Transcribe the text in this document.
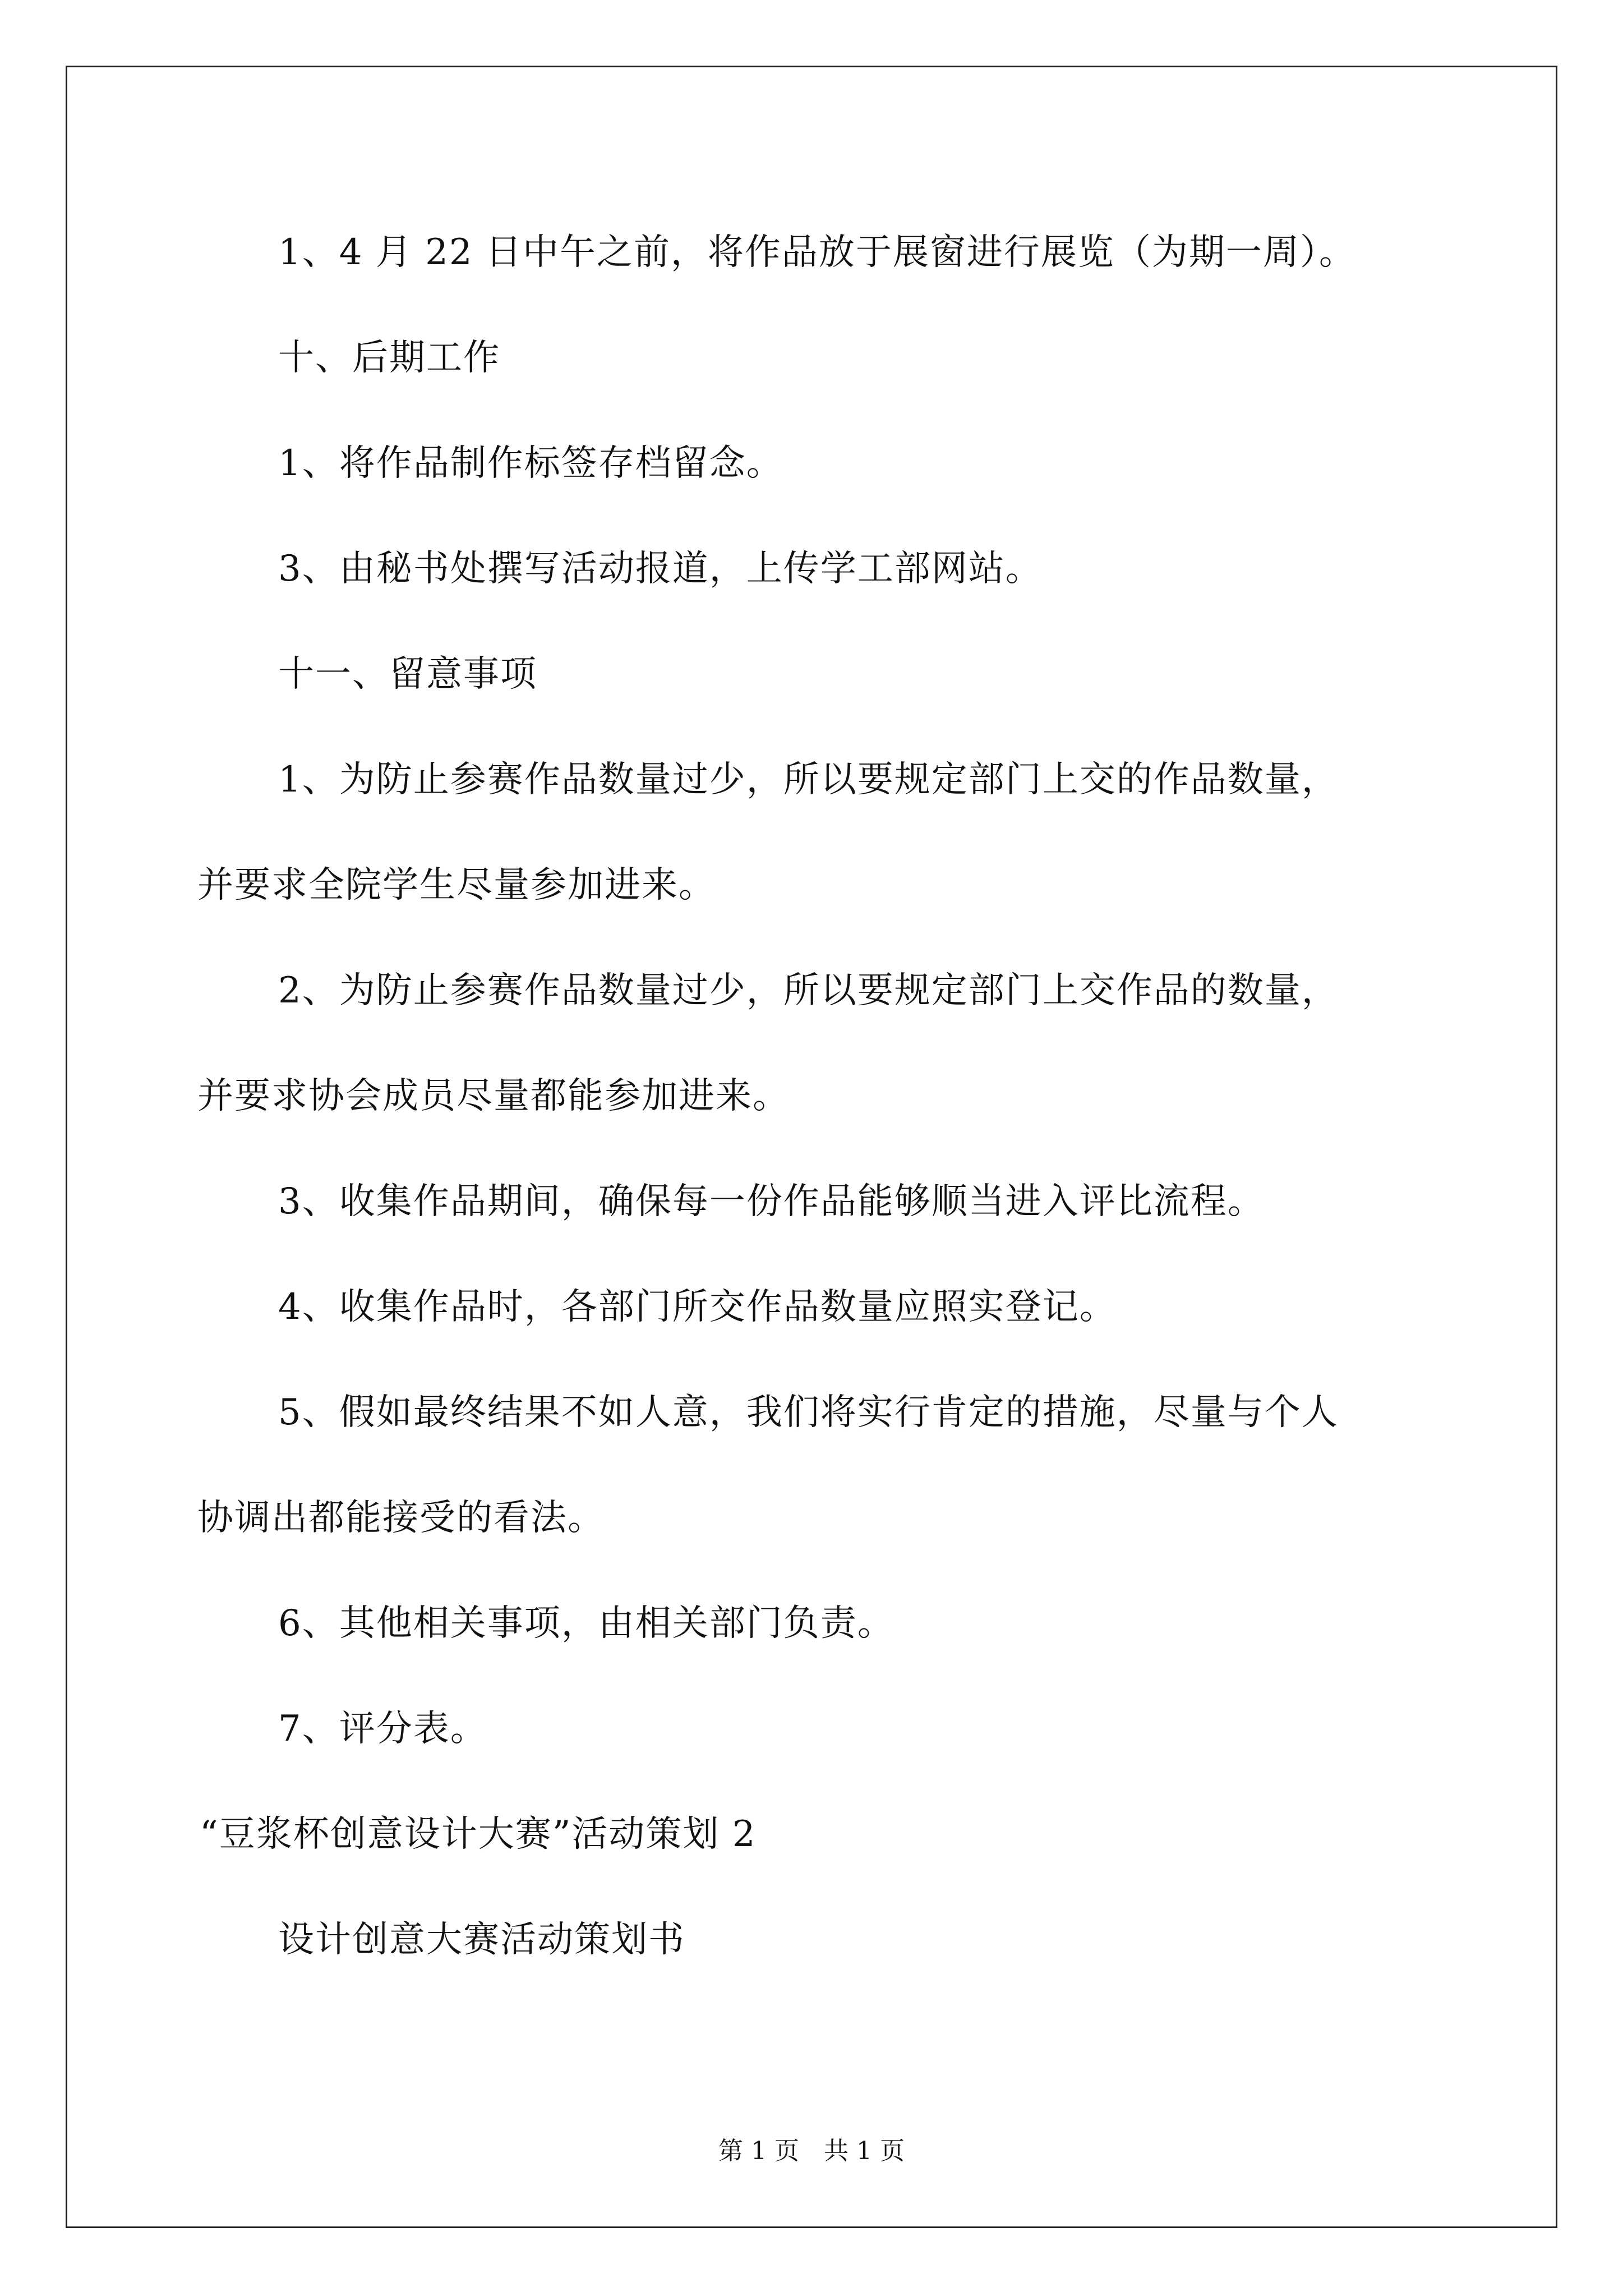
1、4 月 22 日中午之前，将作品放于展窗进行展览（为期一周）。
十、后期工作
1、将作品制作标签存档留念。
3、由秘书处撰写活动报道，上传学工部网站。
十一、留意事项
1、为防止参赛作品数量过少，所以要规定部门上交的作品数量，
并要求全院学生尽量参加进来。
2、为防止参赛作品数量过少，所以要规定部门上交作品的数量，
并要求协会成员尽量都能参加进来。
3、收集作品期间，确保每一份作品能够顺当进入评比流程。
4、收集作品时，各部门所交作品数量应照实登记。
5、假如最终结果不如人意，我们将实行肯定的措施，尽量与个人
协调出都能接受的看法。
6、其他相关事项，由相关部门负责。
7、评分表。
“豆浆杯创意设计大赛”活动策划 2
设计创意大赛活动策划书
第 1 页　共 1 页
